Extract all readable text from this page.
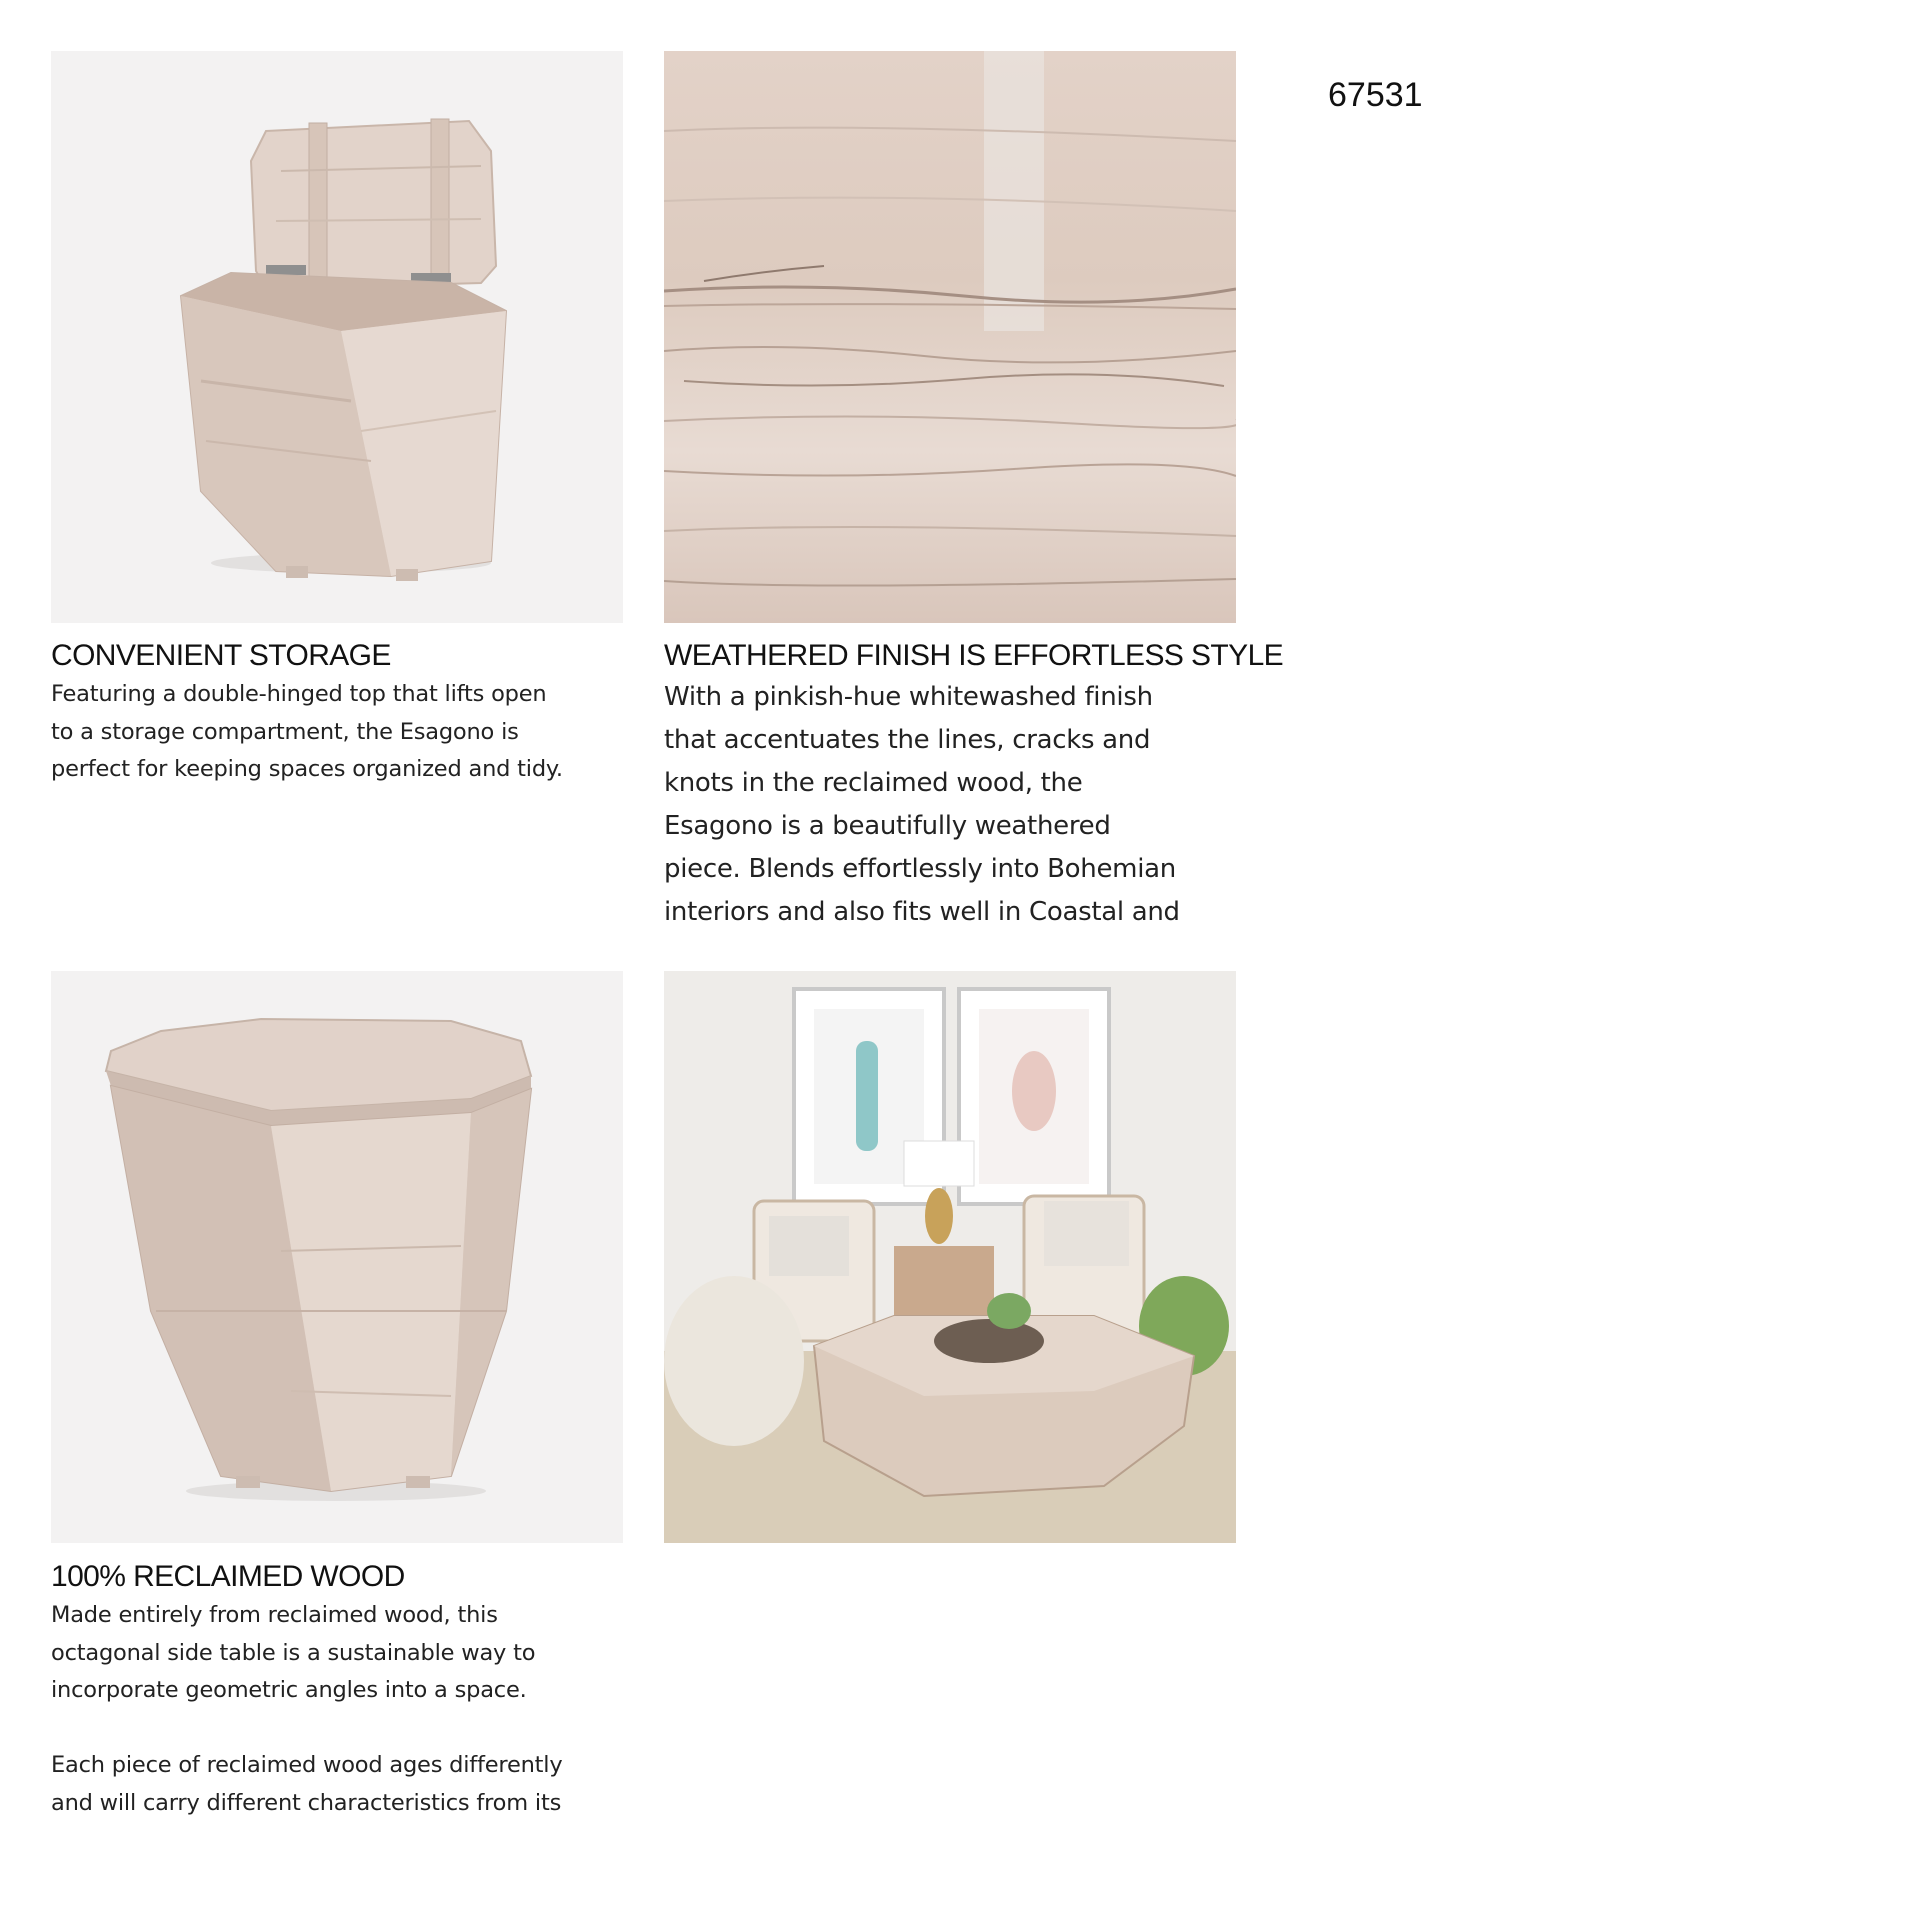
67531
CONVENIENT STORAGE

Featuring a double-hinged top that lifts open
to a storage compartment, the Esagono is
perfect for keeping spaces organized and tidy.

WEATHERED FINISH IS EFFORTLESS STYLE

With a pinkish-hue whitewashed finish
that accentuates the lines, cracks and
knots in the reclaimed wood, the
Esagono is a beautifully weathered
piece. Blends effortlessly into Bohemian
interiors and also fits well in Coastal and

100% RECLAIMED WOOD

Made entirely from reclaimed wood, this
octagonal side table is a sustainable way to
incorporate geometric angles into a space.

Each piece of reclaimed wood ages differently
and will carry different characteristics from its
